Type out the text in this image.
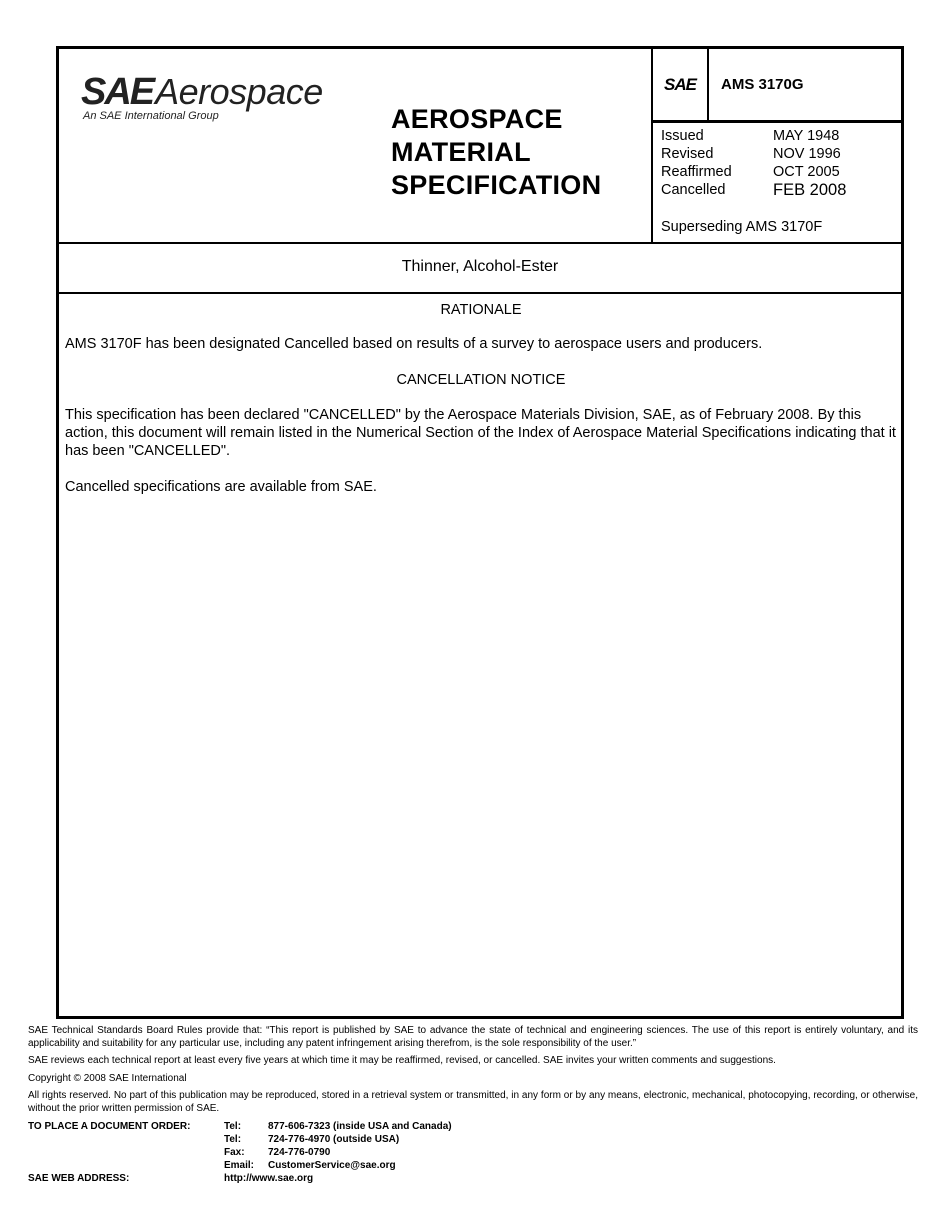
SAE Aerospace
An SAE International Group	AEROSPACE
MATERIAL
SPECIFICATION
SAE AMS 3170G
Issued	MAY 1948
Revised	NOV 1996
Reaffirmed	OCT 2005
Cancelled	FEB 2008
Superseding AMS 3170F
Thinner, Alcohol-Ester

RATIONALE

AMS 3170F has been designated Cancelled based on results of a survey to aerospace users and producers.

CANCELLATION NOTICE

This specification has been declared "CANCELLED" by the Aerospace Materials Division, SAE, as of February 2008. By this action, this document will remain listed in the Numerical Section of the Index of Aerospace Material Specifications indicating that it has been "CANCELLED".

Cancelled specifications are available from SAE.

SAE Technical Standards Board Rules provide that: “This report is published by SAE to advance the state of technical and engineering sciences. The use of this report is entirely voluntary, and its applicability and suitability for any particular use, including any patent infringement arising therefrom, is the sole responsibility of the user.”

SAE reviews each technical report at least every five years at which time it may be reaffirmed, revised, or cancelled. SAE invites your written comments and suggestions.

Copyright © 2008 SAE International

All rights reserved. No part of this publication may be reproduced, stored in a retrieval system or transmitted, in any form or by any means, electronic, mechanical, photocopying, recording, or otherwise, without the prior written permission of SAE.

TO PLACE A DOCUMENT ORDER:	Tel:	877-606-7323 (inside USA and Canada)
Tel:	724-776-4970 (outside USA)
Fax:	724-776-0790
Email:	CustomerService@sae.org
SAE WEB ADDRESS:	http://www.sae.org
